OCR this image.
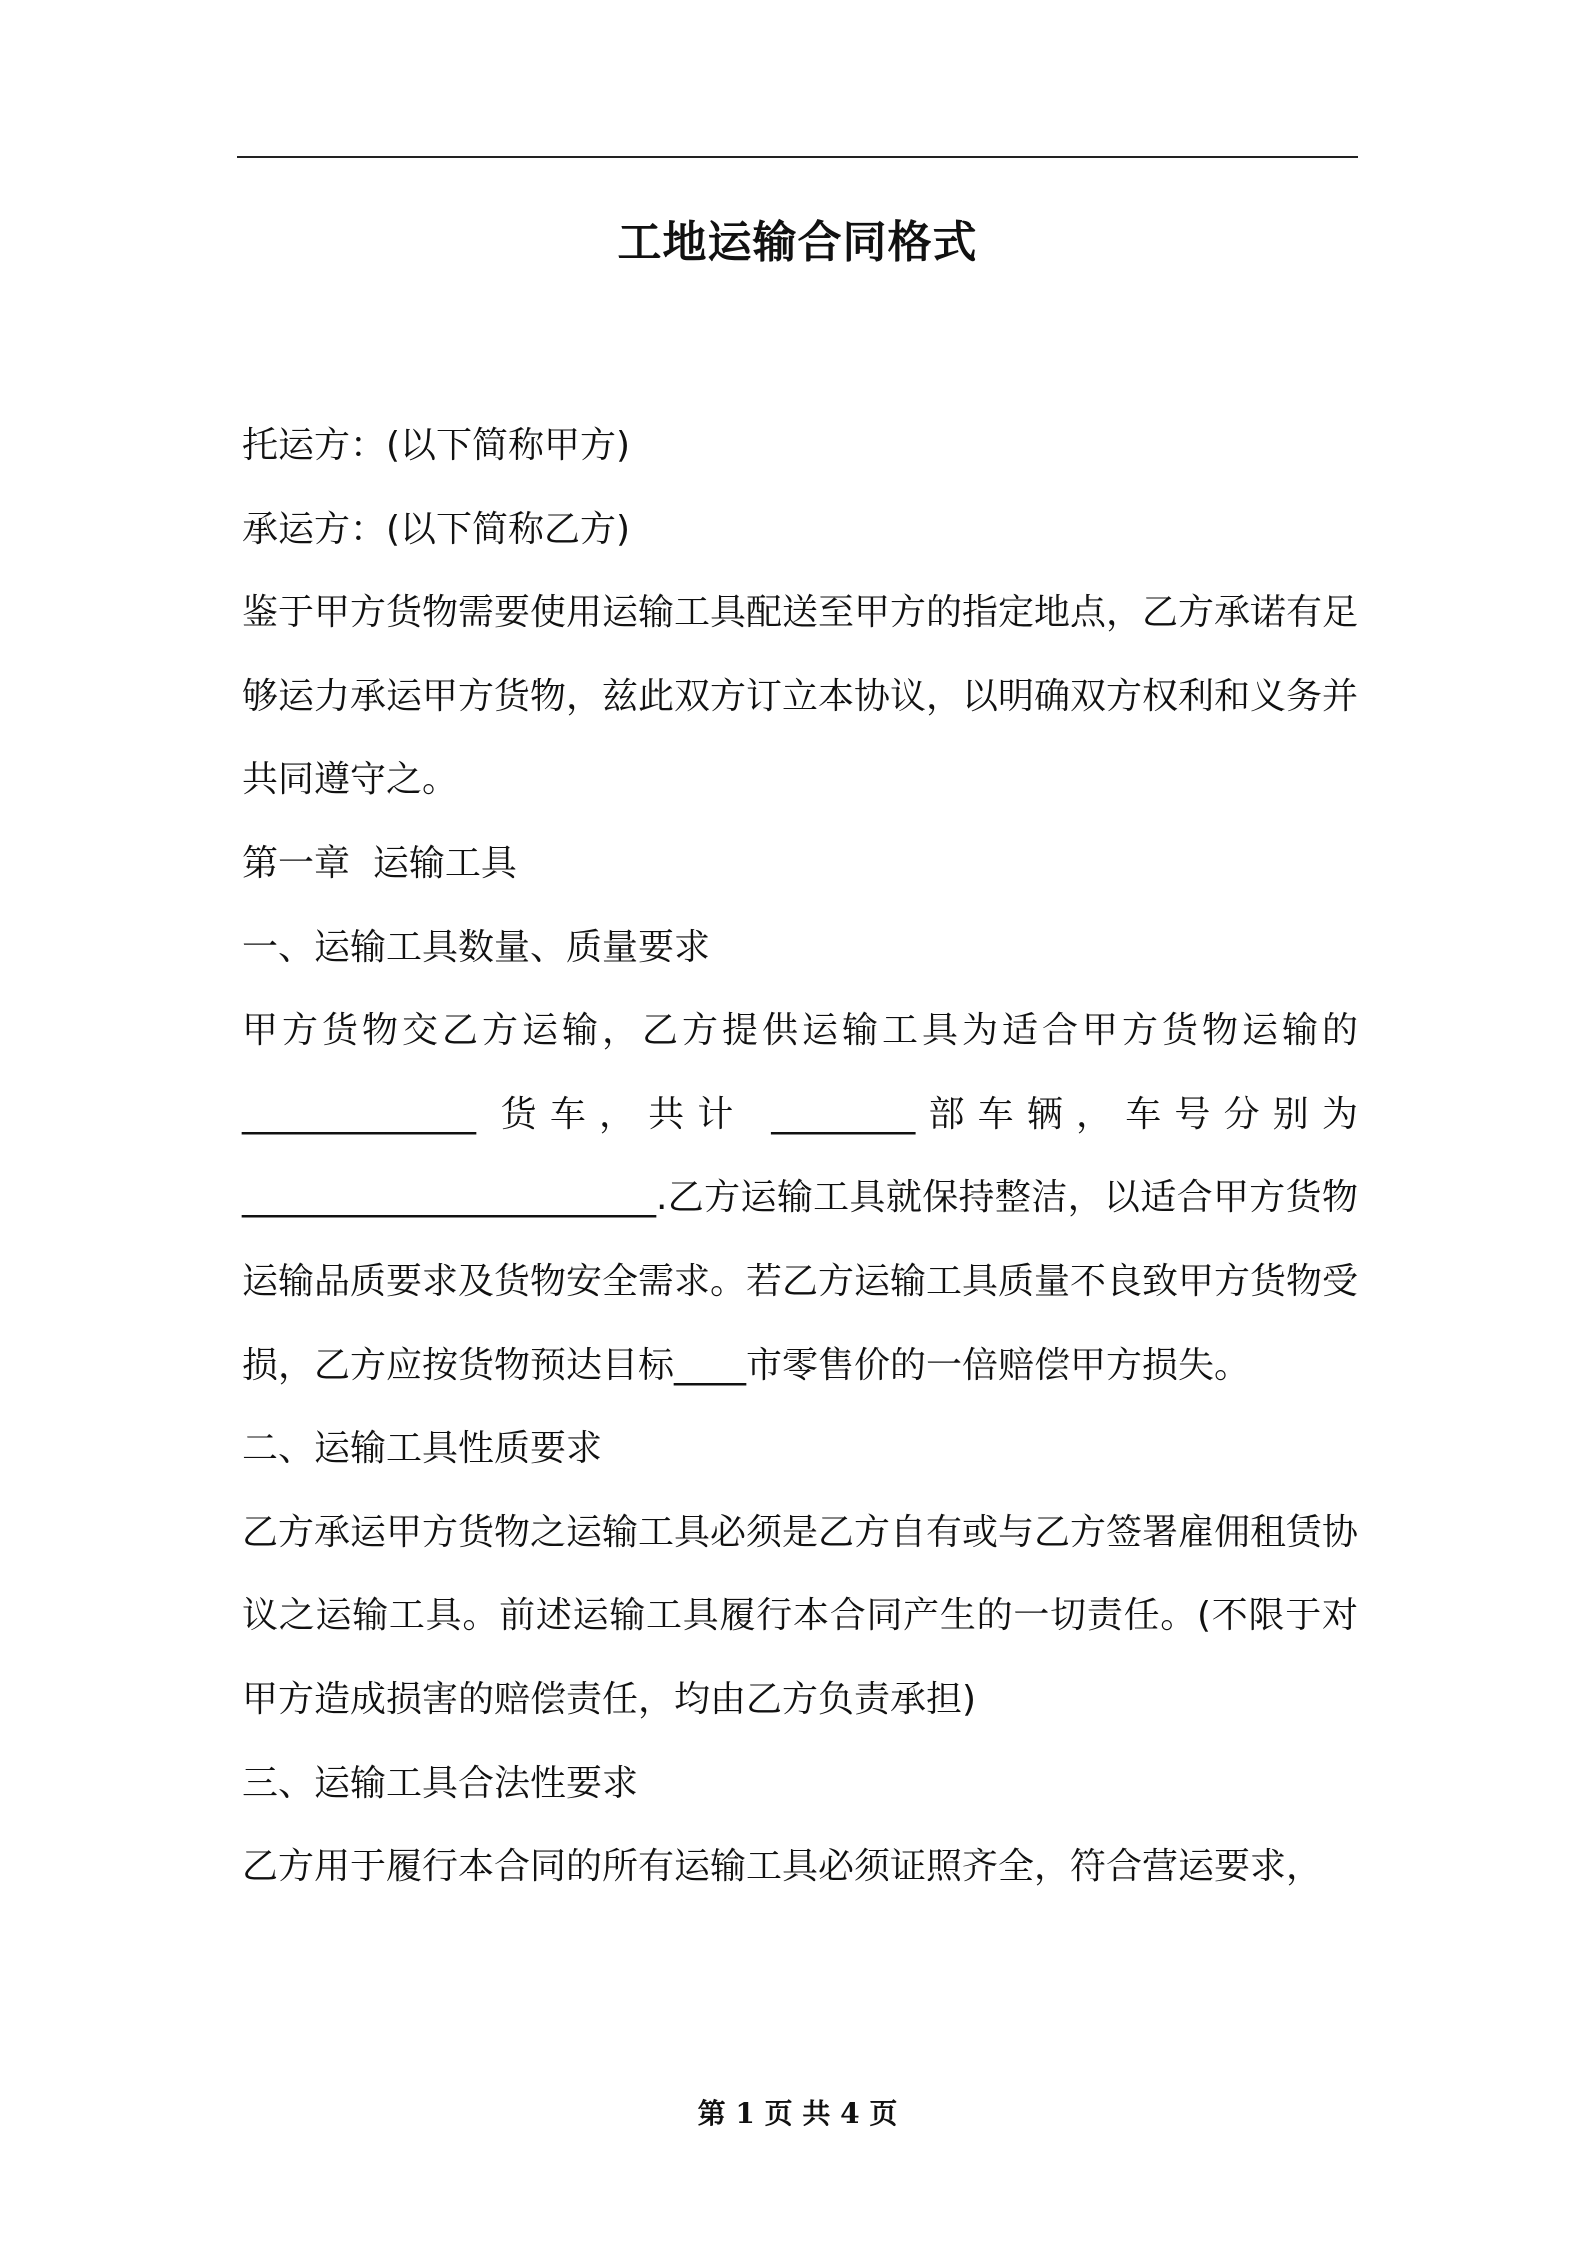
工地运输合同格式

托运方：(以下简称甲方)

承运方：(以下简称乙方)

鉴于甲方货物需要使用运输工具配送至甲方的指定地点，乙方承诺有足够运力承运甲方货物，兹此双方订立本协议，以明确双方权利和义务并共同遵守之。

第一章  运输工具

一、运输工具数量、质量要求

甲方货物交乙方运输，乙方提供运输工具为适合甲方货物运输的

_____________ 货车，共计 ________部车辆，车号分别为

_______________________.乙方运输工具就保持整洁，以适合甲方货物运输品质要求及货物安全需求。若乙方运输工具质量不良致甲方货物受损，乙方应按货物预达目标____市零售价的一倍赔偿甲方损失。

二、运输工具性质要求

乙方承运甲方货物之运输工具必须是乙方自有或与乙方签署雇佣租赁协议之运输工具。前述运输工具履行本合同产生的一切责任。(不限于对甲方造成损害的赔偿责任，均由乙方负责承担)

三、运输工具合法性要求

乙方用于履行本合同的所有运输工具必须证照齐全，符合营运要求，

第 1 页 共 4 页
